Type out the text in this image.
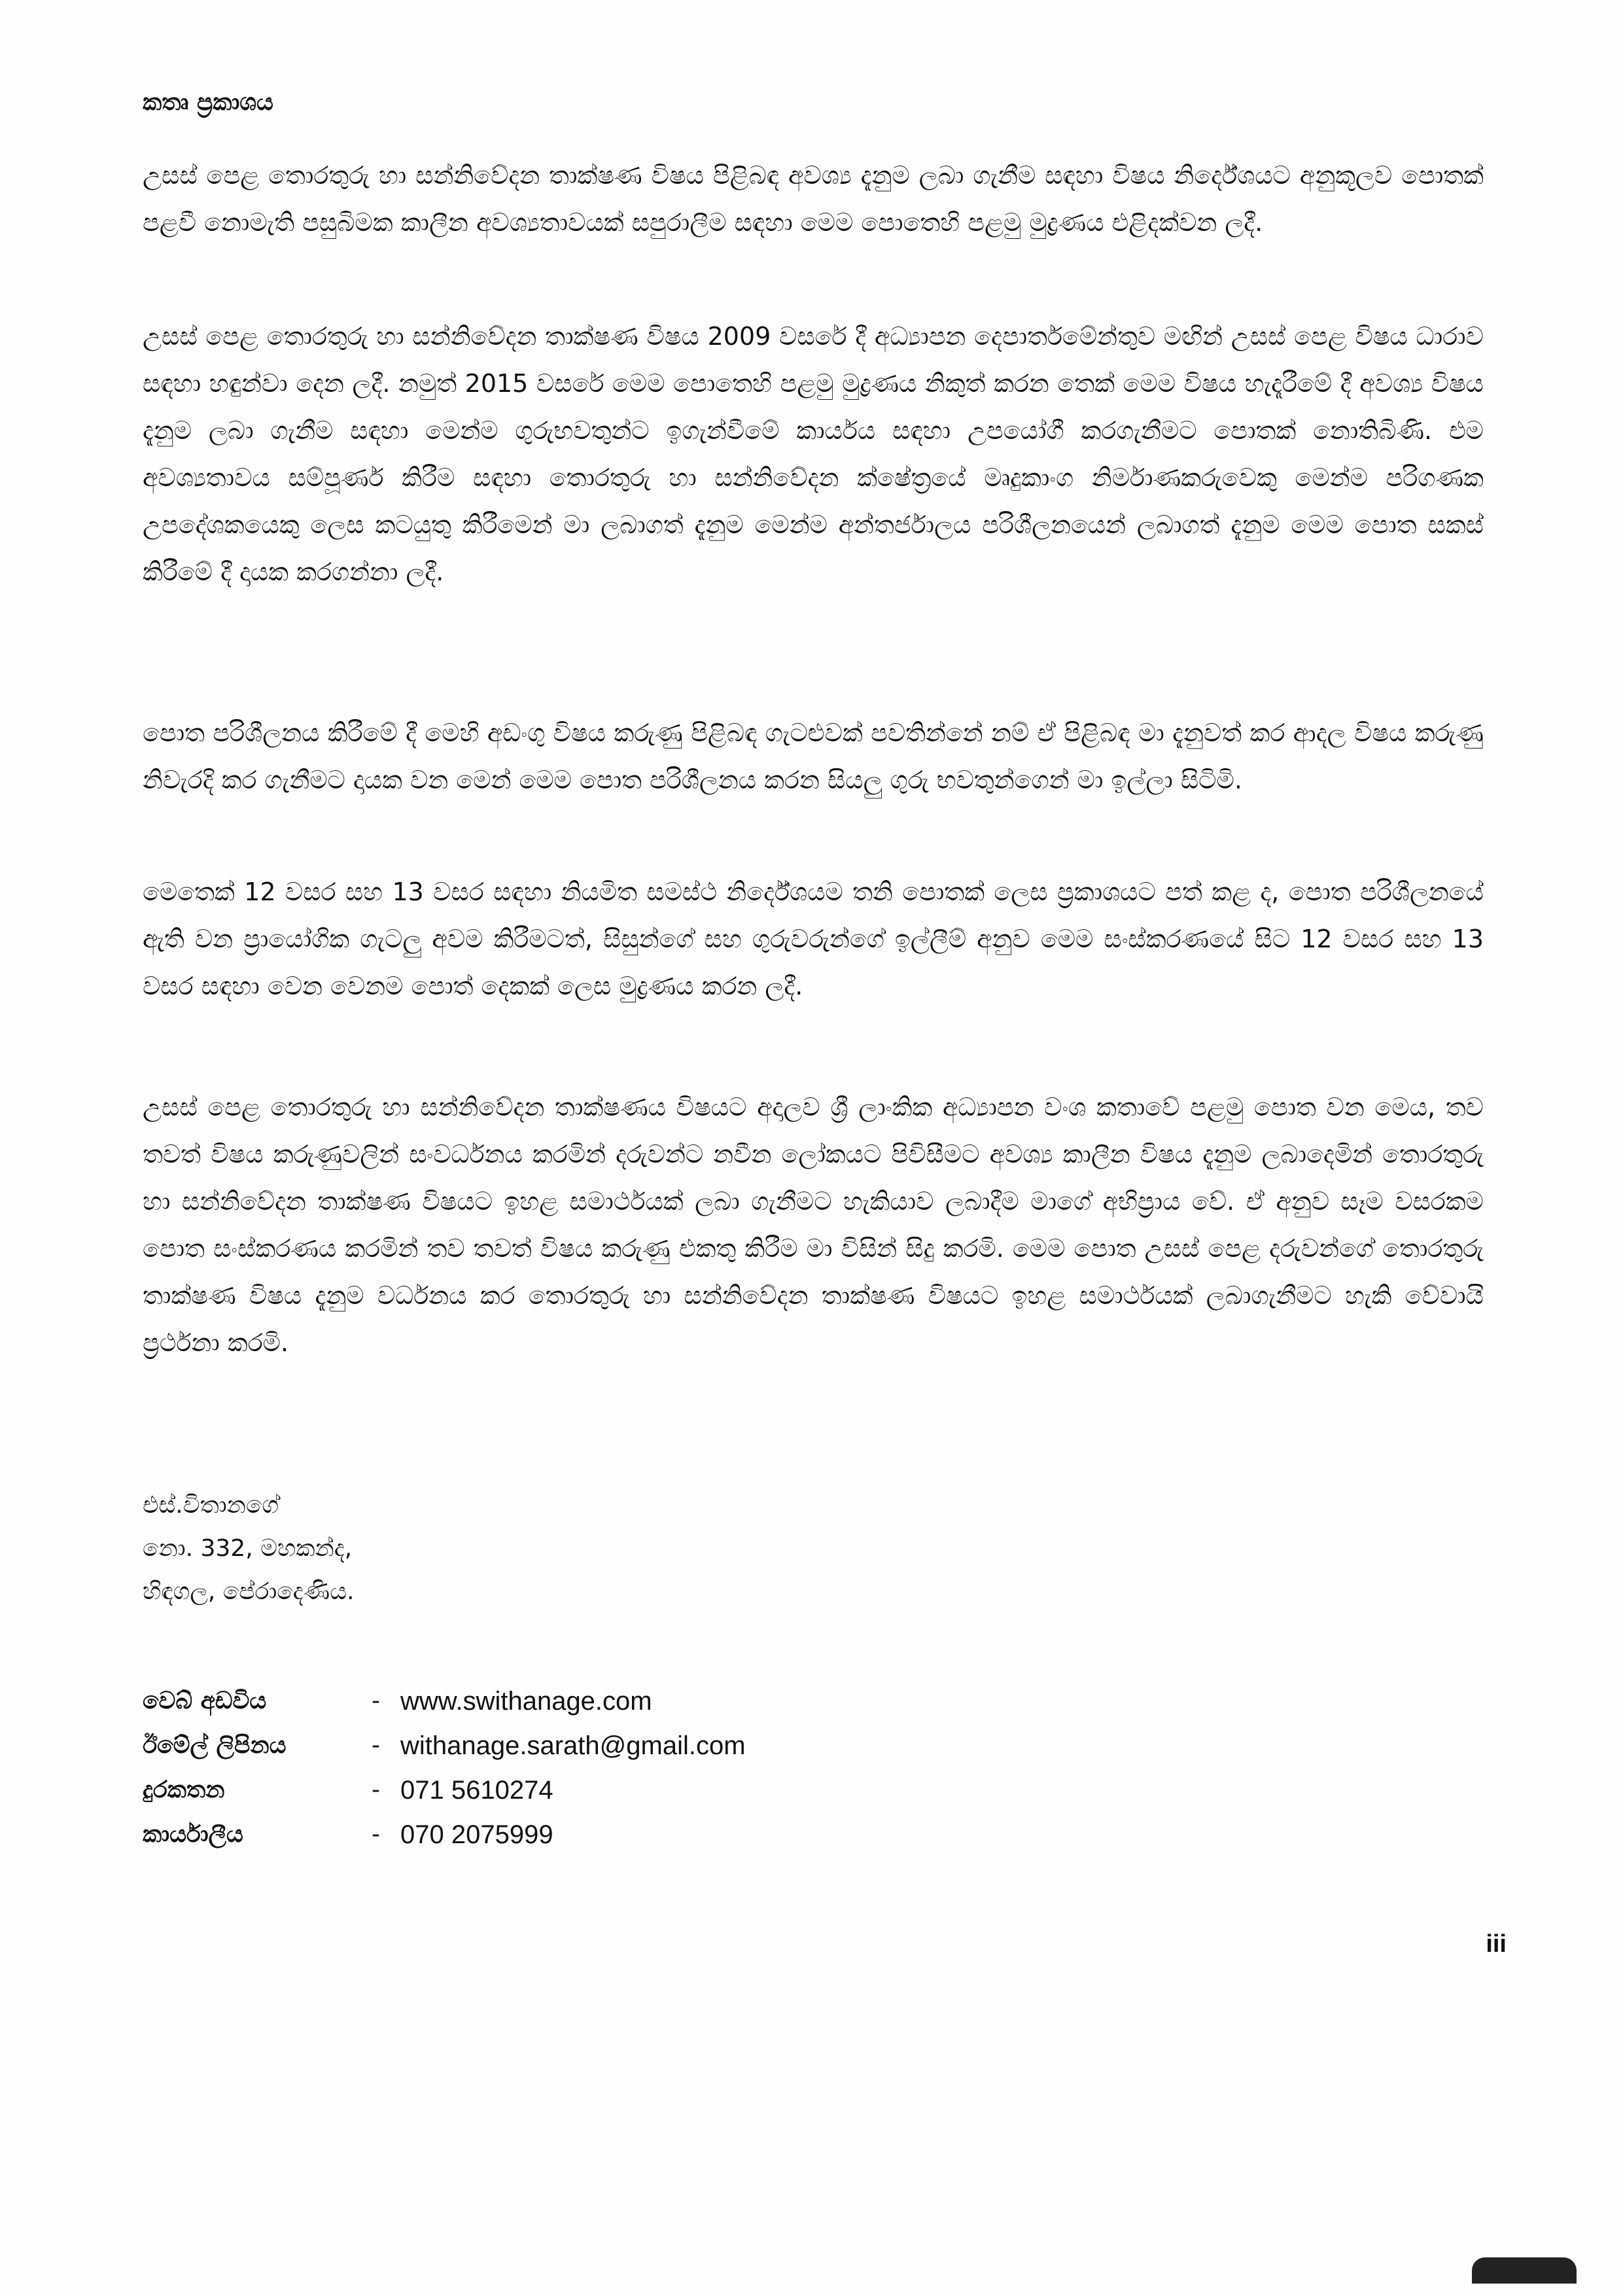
කතෘ ප්‍රකාශය

උසස් පෙළ තොරතුරු හා සන්නිවේදන තාක්ෂණ විෂය පිළිබඳ අවශ්‍ය දැනුම ලබා ගැනීම සඳහා විෂය නිර්දේශයට අනුකූලව පොතක් පළවී නොමැති පසුබිමක කාලීන අවශ්‍යතාවයක් සපුරාලීම සඳහා මෙම පොතෙහි පළමු මුද්‍රණය එළිදක්වන ලදී.

උසස් පෙළ තොරතුරු හා සන්නිවේදන තාක්ෂණ විෂය 2009 වසරේ දී අධ්‍යාපන දෙපාර්තමේන්තුව මඟින් උසස් පෙළ විෂය ධාරාව සඳහා හඳුන්වා දෙන ලදී. නමුත් 2015 වසරේ මෙම පොතෙහි පළමු මුද්‍රණය නිකුත් කරන තෙක් මෙම විෂය හැදෑරීමේ දී අවශ්‍ය විෂය දැනුම ලබා ගැනීම සඳහා මෙන්ම ගුරුභවතුන්ට ඉගැන්වීමේ කාර්යය සඳහා උපයෝගී කරගැනීමට පොතක් නොතිබිණි. එම අවශ්‍යතාවය සම්පූර්ණ කිරීම සඳහා තොරතුරු හා සන්නිවේදන ක්ෂේත්‍රයේ මෘදුකාංග නිර්මාණකරුවෙකු මෙන්ම පරිගණක උපදේශකයෙකු ලෙස කටයුතු කිරීමෙන් මා ලබාගත් දැනුම මෙන්ම අන්තර්ජාලය පරිශීලනයෙන් ලබාගත් දැනුම මෙම පොත සකස් කිරීමේ දී දායක කරගන්නා ලදී.

පොත පරිශීලනය කිරීමේ දී මෙහි අඩංගු විෂය කරුණු පිළිබඳ ගැටළුවක් පවතින්නේ නම් ඒ පිළිබඳ මා දැනුවත් කර ආදල විෂය කරුණු නිවැරදි කර ගැනීමට දායක වන මෙන් මෙම පොත පරිශීලනය කරන සියලු ගුරු භවතුන්ගෙන් මා ඉල්ලා සිටිමි.

මෙතෙක් 12 වසර සහ 13 වසර සඳහා නියමිත සමස්ථ නිර්දේශයම තනි පොතක් ලෙස ප්‍රකාශයට පත් කළ ද, පොත පරිශීලනයේ ඇති වන ප්‍රායෝගික ගැටලු අවම කිරීමටත්, සිසුන්ගේ සහ ගුරුවරුන්ගේ ඉල්ලීම් අනුව මෙම සංස්කරණයේ සිට 12 වසර සහ 13 වසර සඳහා වෙන වෙනම පොත් දෙකක් ලෙස මුද්‍රණය කරන ලදී.

උසස් පෙළ තොරතුරු හා සන්නිවේදන තාක්ෂණය විෂයට අදාලව ශ්‍රී ලාංකික අධ්‍යාපන වංශ කතාවේ පළමු පොත වන මෙය, තව තවත් විෂය කරුණුවලින් සංවර්ධනය කරමින් දරුවන්ට නවීන ලෝකයට පිවිසීමට අවශ්‍ය කාලීන විෂය දැනුම ලබාදෙමින් තොරතුරු හා සන්නිවේදන තාක්ෂණ විෂයට ඉහළ සමාර්ථයක් ලබා ගැනීමට හැකියාව ලබාදීම මාගේ අභිප්‍රාය වේ. ඒ අනුව සෑම වසරකම පොත සංස්කරණය කරමින් තව තවත් විෂය කරුණු එකතු කිරීම මා විසින් සිදු කරමි. මෙම පොත උසස් පෙළ දරුවන්ගේ තොරතුරු තාක්ෂණ විෂය දැනුම වර්ධනය කර තොරතුරු හා සන්නිවේදන තාක්ෂණ විෂයට ඉහළ සමාර්ථයක් ලබාගැනීමට හැකි වේවායි ප්‍රර්ථනා කරමි.

එස්.විතානගේ
නො. 332, මහකන්ද,
හිඳගල, පේරාදෙණිය.
වෙබ් අඩවිය	- www.swithanage.com
ඊමේල් ලිපිනය	- withanage.sarath@gmail.com
දුරකතන	- 071 5610274
කාර්යාලීය	- 070 2075999
iii
